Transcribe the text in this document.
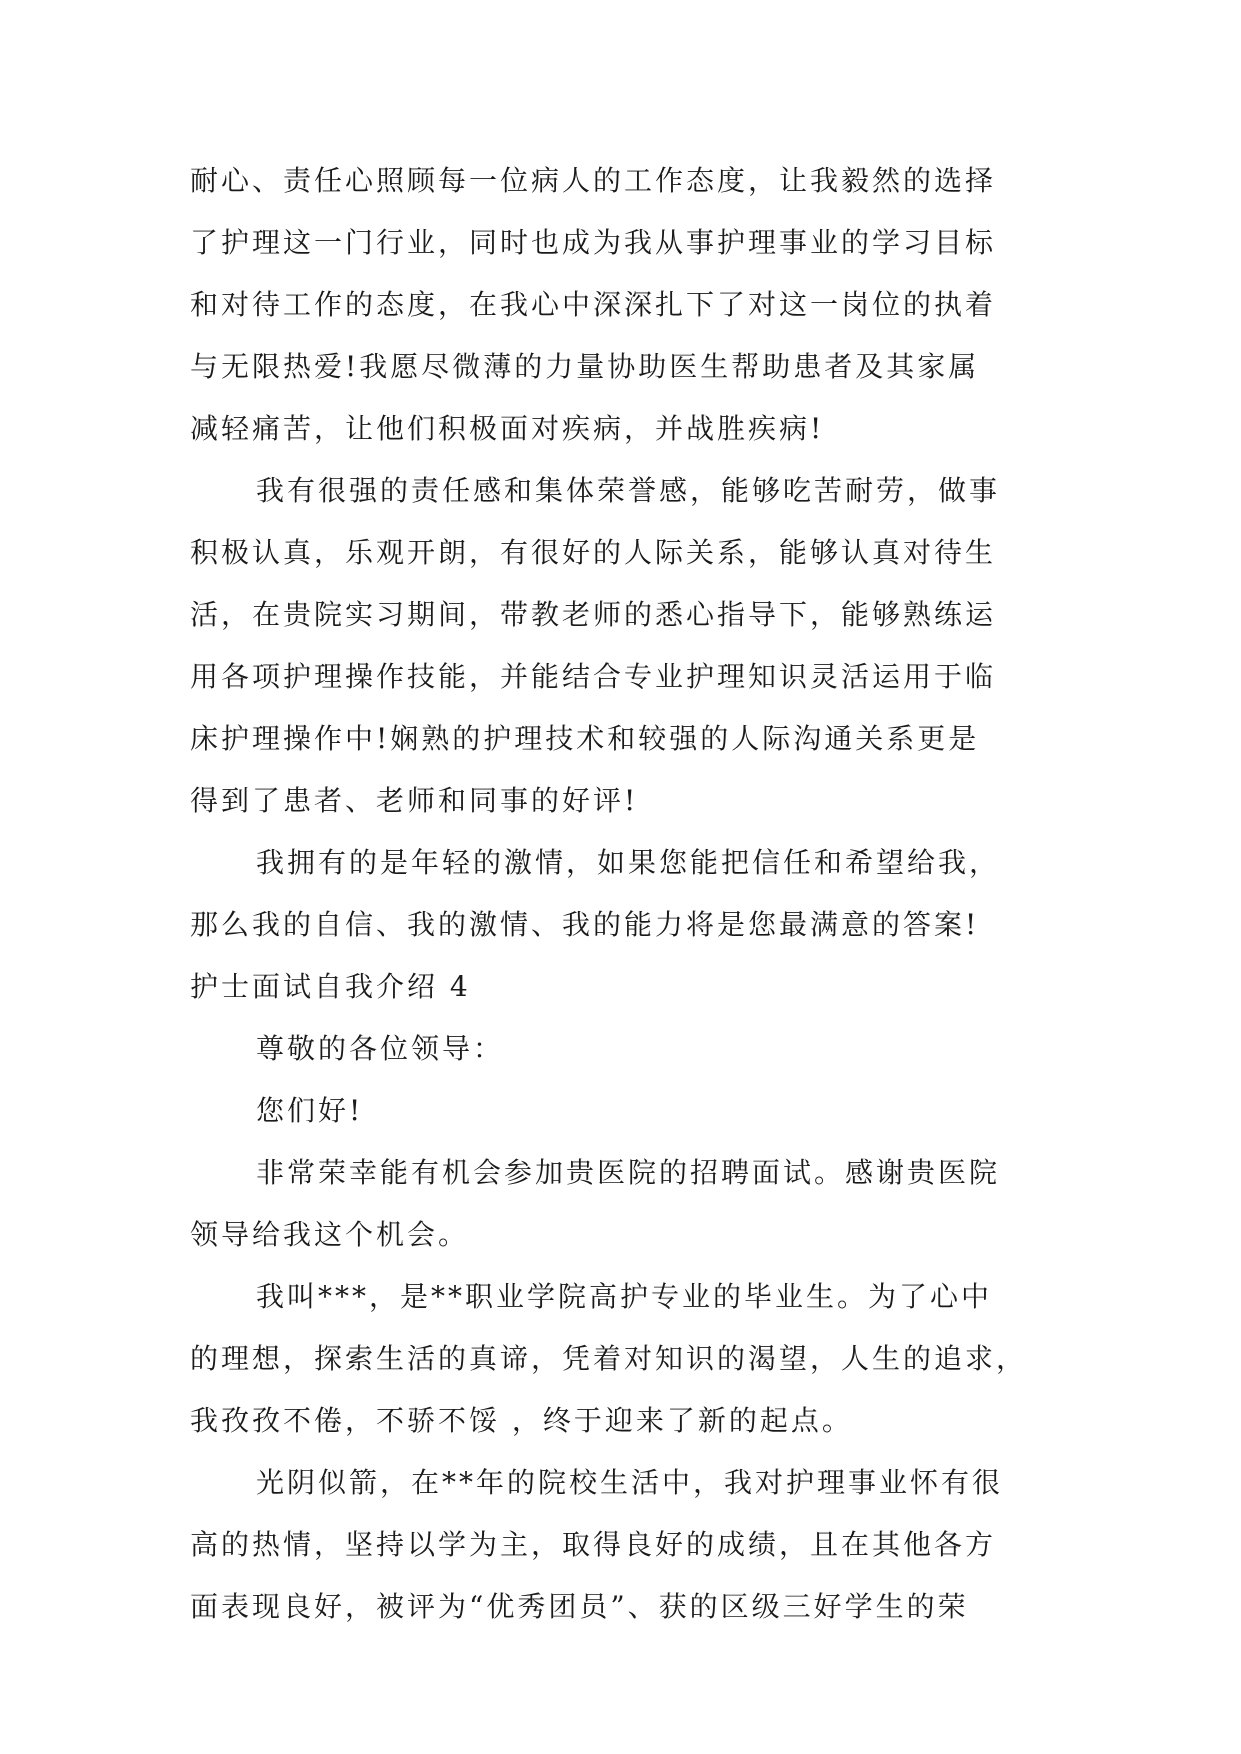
耐心、责任心照顾每一位病人的工作态度，让我毅然的选择
了护理这一门行业，同时也成为我从事护理事业的学习目标
和对待工作的态度，在我心中深深扎下了对这一岗位的执着
与无限热爱!我愿尽微薄的力量协助医生帮助患者及其家属
减轻痛苦，让他们积极面对疾病，并战胜疾病!
我有很强的责任感和集体荣誉感，能够吃苦耐劳，做事
积极认真，乐观开朗，有很好的人际关系，能够认真对待生
活，在贵院实习期间，带教老师的悉心指导下，能够熟练运
用各项护理操作技能，并能结合专业护理知识灵活运用于临
床护理操作中!娴熟的护理技术和较强的人际沟通关系更是
得到了患者、老师和同事的好评!
我拥有的是年轻的激情，如果您能把信任和希望给我，
那么我的自信、我的激情、我的能力将是您最满意的答案!
护士面试自我介绍 4
尊敬的各位领导：
您们好!
非常荣幸能有机会参加贵医院的招聘面试。感谢贵医院
领导给我这个机会。
我叫***，是**职业学院高护专业的毕业生。为了心中
的理想，探索生活的真谛，凭着对知识的渴望，人生的追求，
我孜孜不倦，不骄不馁 ，终于迎来了新的起点。
光阴似箭，在**年的院校生活中，我对护理事业怀有很
高的热情，坚持以学为主，取得良好的成绩，且在其他各方
面表现良好，被评为“优秀团员”、获的区级三好学生的荣
